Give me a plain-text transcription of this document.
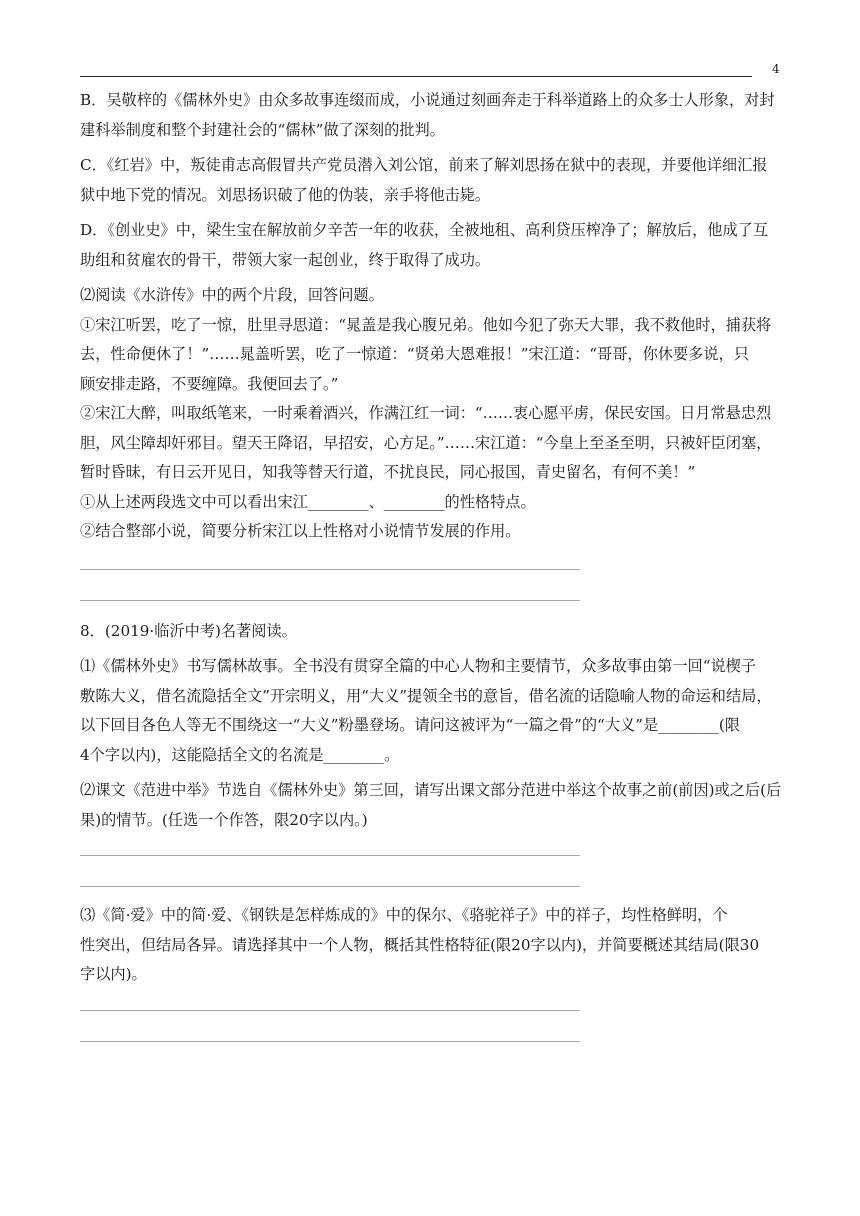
4
B．吴敬梓的《儒林外史》由众多故事连缀而成，小说通过刻画奔走于科举道路上的众多士人形象，对封
建科举制度和整个封建社会的“儒林”做了深刻的批判。
C．《红岩》中，叛徒甫志高假冒共产党员潜入刘公馆，前来了解刘思扬在狱中的表现，并要他详细汇报
狱中地下党的情况。刘思扬识破了他的伪装，亲手将他击毙。
D．《创业史》中，梁生宝在解放前夕辛苦一年的收获，全被地租、高利贷压榨净了；解放后，他成了互
助组和贫雇农的骨干，带领大家一起创业，终于取得了成功。
⑵阅读《水浒传》中的两个片段，回答问题。
①宋江听罢，吃了一惊，肚里寻思道：“晁盖是我心腹兄弟。他如今犯了弥天大罪，我不救他时，捕获将
去，性命便休了！”……晁盖听罢，吃了一惊道：“贤弟大恩难报！”宋江道：“哥哥，你休要多说，只
顾安排走路，不要缠障。我便回去了。”
②宋江大醉，叫取纸笔来，一时乘着酒兴，作满江红一词：“……衷心愿平虏，保民安国。日月常悬忠烈
胆，风尘障却奸邪目。望天王降诏，早招安，心方足。”……宋江道：“今皇上至圣至明，只被奸臣闭塞，
暂时昏昧，有日云开见日，知我等替天行道，不扰良民，同心报国，青史留名，有何不美！”
①从上述两段选文中可以看出宋江________、________的性格特点。
②结合整部小说，简要分析宋江以上性格对小说情节发展的作用。
8．(2019·临沂中考)名著阅读。
⑴《儒林外史》书写儒林故事。全书没有贯穿全篇的中心人物和主要情节，众多故事由第一回“说楔子
敷陈大义，借名流隐括全文”开宗明义，用“大义”提领全书的意旨，借名流的话隐喻人物的命运和结局，
以下回目各色人等无不围绕这一“大义”粉墨登场。请问这被评为“一篇之骨”的“大义”是________(限
4个字以内)，这能隐括全文的名流是________。
⑵课文《范进中举》节选自《儒林外史》第三回，请写出课文部分范进中举这个故事之前(前因)或之后(后
果)的情节。(任选一个作答，限20字以内。)
⑶《简·爱》中的简·爱、《钢铁是怎样炼成的》中的保尔、《骆驼祥子》中的祥子，均性格鲜明，个
性突出，但结局各异。请选择其中一个人物，概括其性格特征(限20字以内)，并简要概述其结局(限30
字以内)。
